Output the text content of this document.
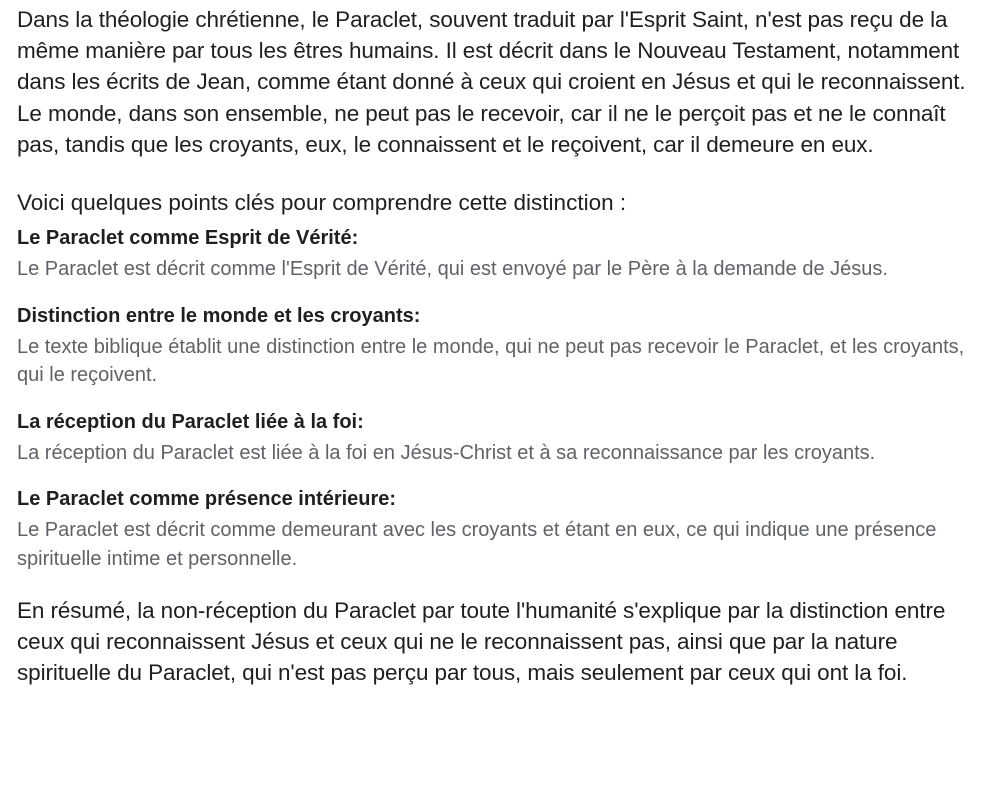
Dans la théologie chrétienne, le Paraclet, souvent traduit par l'Esprit Saint, n'est pas reçu de la même manière par tous les êtres humains. Il est décrit dans le Nouveau Testament, notamment dans les écrits de Jean, comme étant donné à ceux qui croient en Jésus et qui le reconnaissent. Le monde, dans son ensemble, ne peut pas le recevoir, car il ne le perçoit pas et ne le connaît pas, tandis que les croyants, eux, le connaissent et le reçoivent, car il demeure en eux.

Voici quelques points clés pour comprendre cette distinction :

Le Paraclet comme Esprit de Vérité:
Le Paraclet est décrit comme l'Esprit de Vérité, qui est envoyé par le Père à la demande de Jésus.
Distinction entre le monde et les croyants:
Le texte biblique établit une distinction entre le monde, qui ne peut pas recevoir le Paraclet, et les croyants, qui le reçoivent.
La réception du Paraclet liée à la foi:
La réception du Paraclet est liée à la foi en Jésus-Christ et à sa reconnaissance par les croyants.
Le Paraclet comme présence intérieure:
Le Paraclet est décrit comme demeurant avec les croyants et étant en eux, ce qui indique une présence spirituelle intime et personnelle.

En résumé, la non-réception du Paraclet par toute l'humanité s'explique par la distinction entre ceux qui reconnaissent Jésus et ceux qui ne le reconnaissent pas, ainsi que par la nature spirituelle du Paraclet, qui n'est pas perçu par tous, mais seulement par ceux qui ont la foi.
